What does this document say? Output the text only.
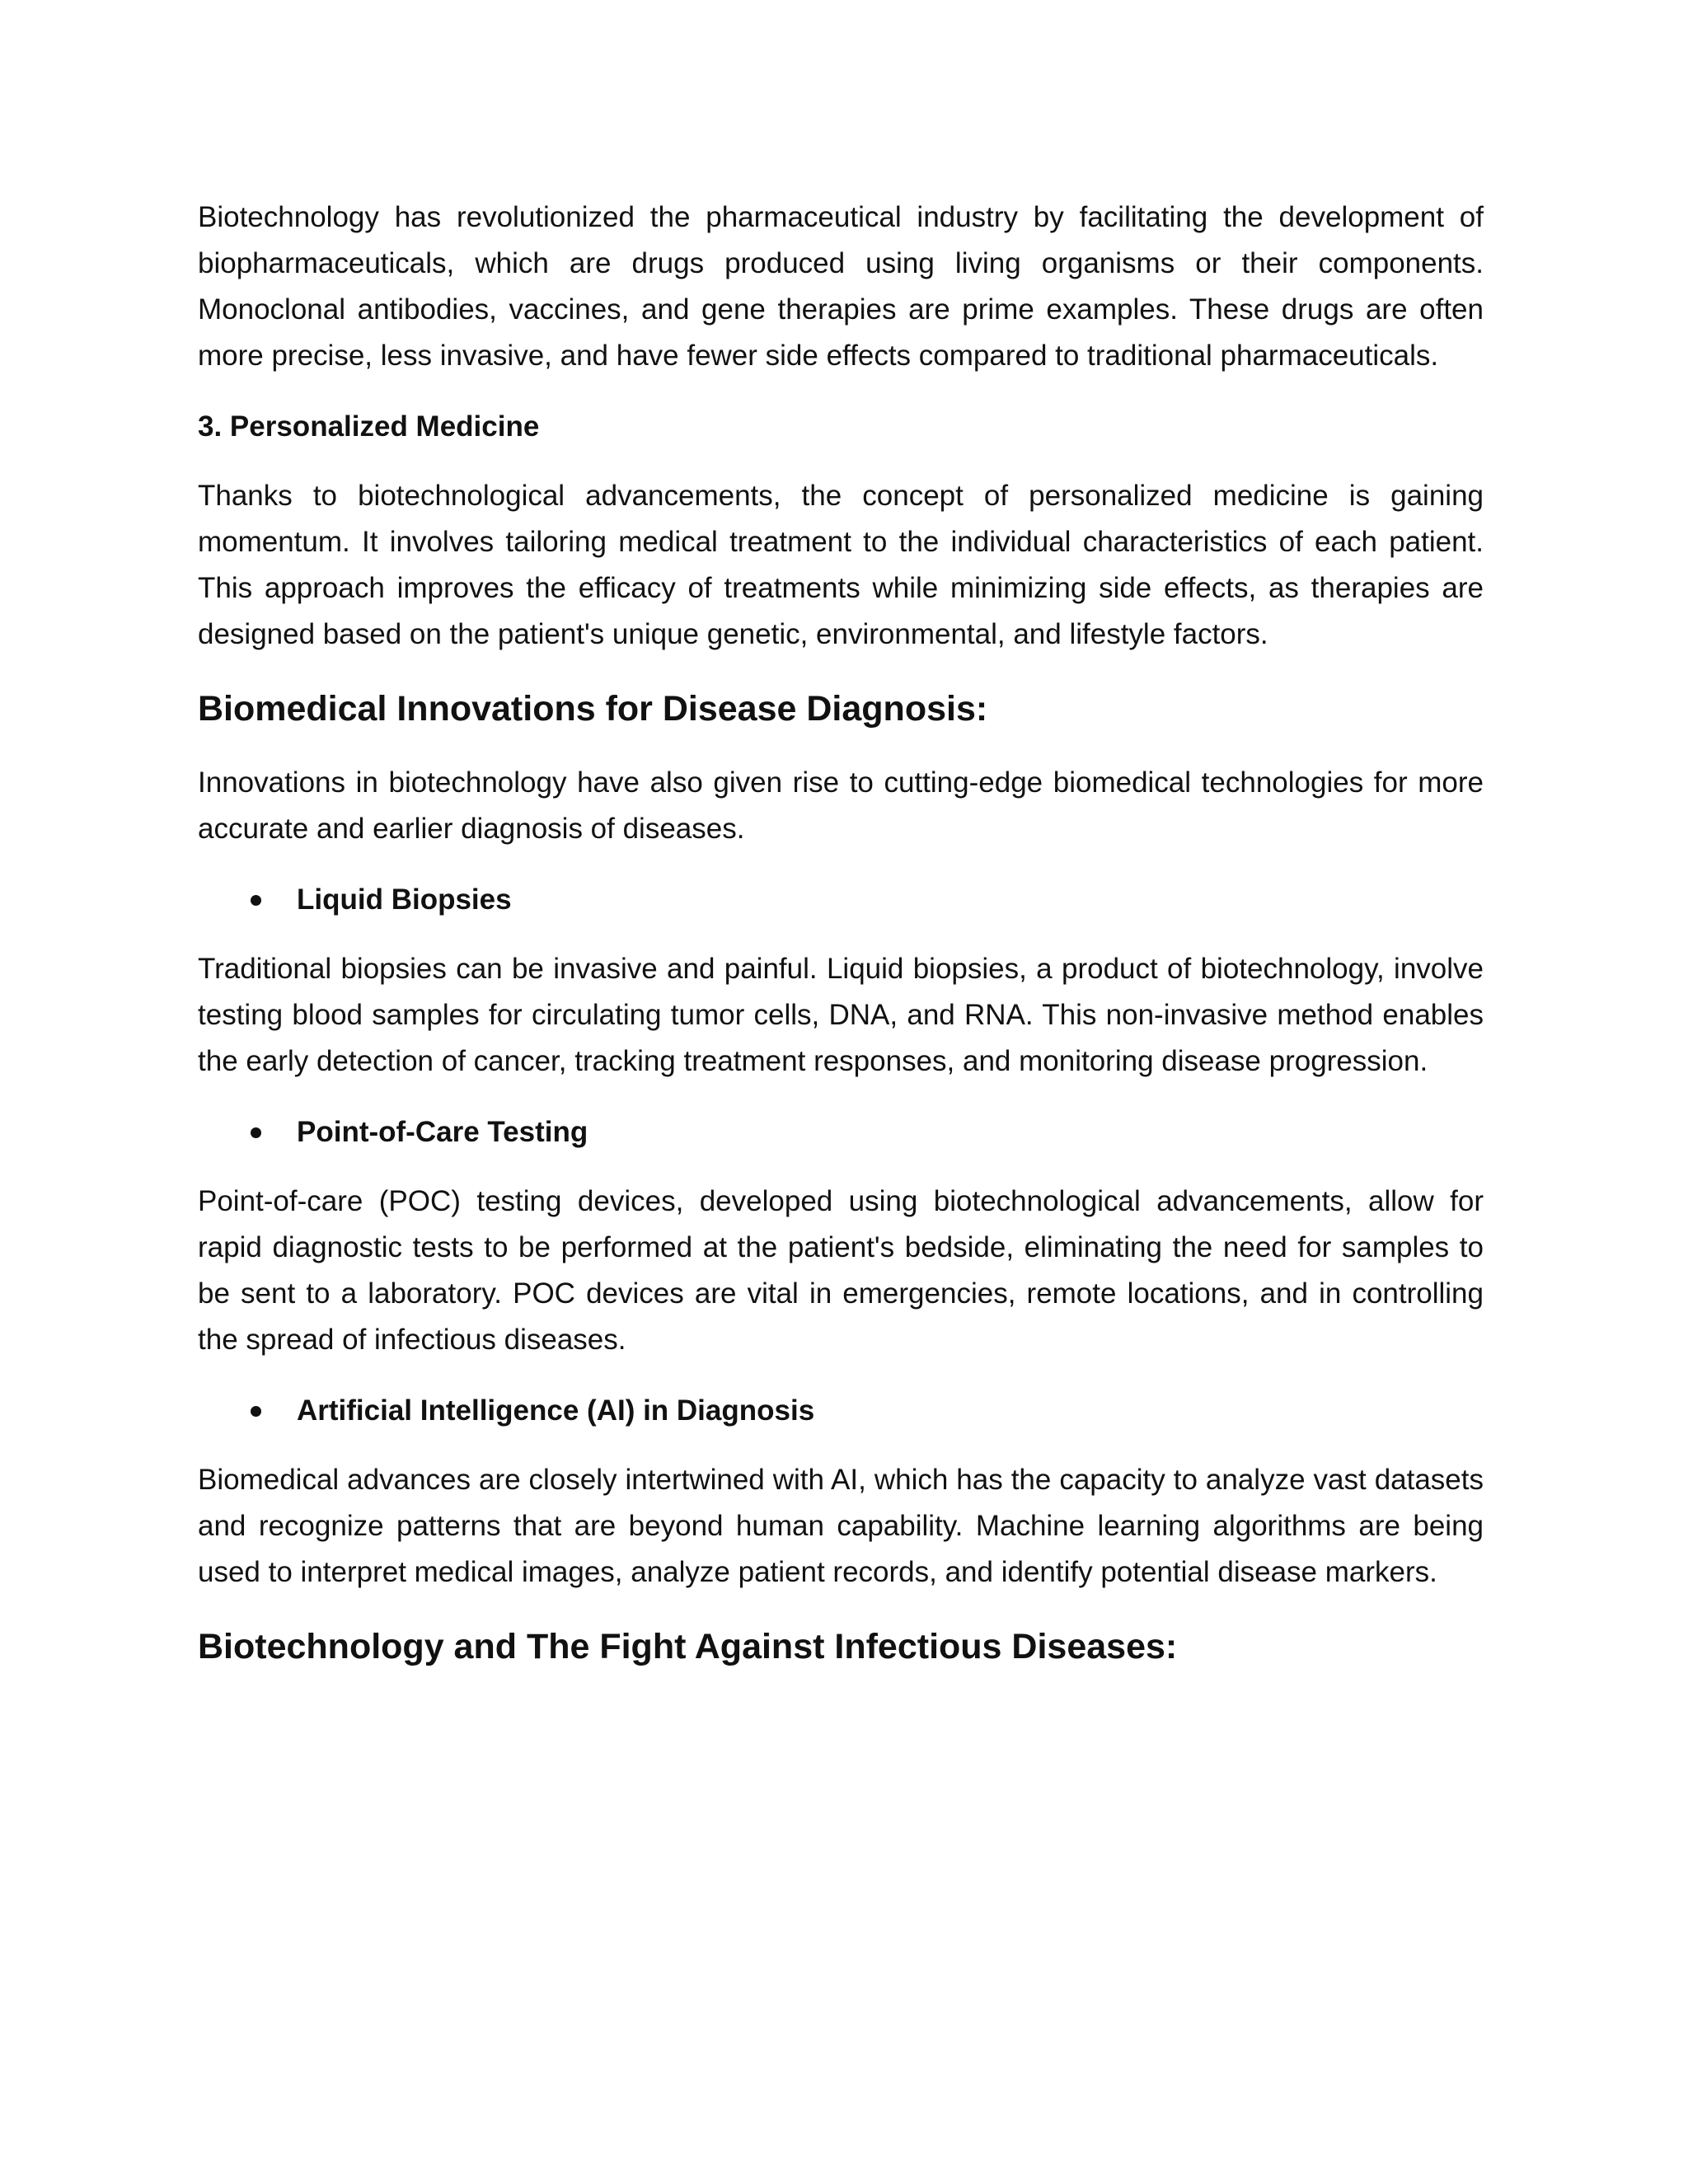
Biotechnology has revolutionized the pharmaceutical industry by facilitating the development of biopharmaceuticals, which are drugs produced using living organisms or their components. Monoclonal antibodies, vaccines, and gene therapies are prime examples. These drugs are often more precise, less invasive, and have fewer side effects compared to traditional pharmaceuticals.

3. Personalized Medicine

Thanks to biotechnological advancements, the concept of personalized medicine is gaining momentum. It involves tailoring medical treatment to the individual characteristics of each patient. This approach improves the efficacy of treatments while minimizing side effects, as therapies are designed based on the patient's unique genetic, environmental, and lifestyle factors.

Biomedical Innovations for Disease Diagnosis:

Innovations in biotechnology have also given rise to cutting-edge biomedical technologies for more accurate and earlier diagnosis of diseases.

Liquid Biopsies

Traditional biopsies can be invasive and painful. Liquid biopsies, a product of biotechnology, involve testing blood samples for circulating tumor cells, DNA, and RNA. This non-invasive method enables the early detection of cancer, tracking treatment responses, and monitoring disease progression.

Point-of-Care Testing

Point-of-care (POC) testing devices, developed using biotechnological advancements, allow for rapid diagnostic tests to be performed at the patient's bedside, eliminating the need for samples to be sent to a laboratory. POC devices are vital in emergencies, remote locations, and in controlling the spread of infectious diseases.

Artificial Intelligence (AI) in Diagnosis

Biomedical advances are closely intertwined with AI, which has the capacity to analyze vast datasets and recognize patterns that are beyond human capability. Machine learning algorithms are being used to interpret medical images, analyze patient records, and identify potential disease markers.

Biotechnology and The Fight Against Infectious Diseases:
